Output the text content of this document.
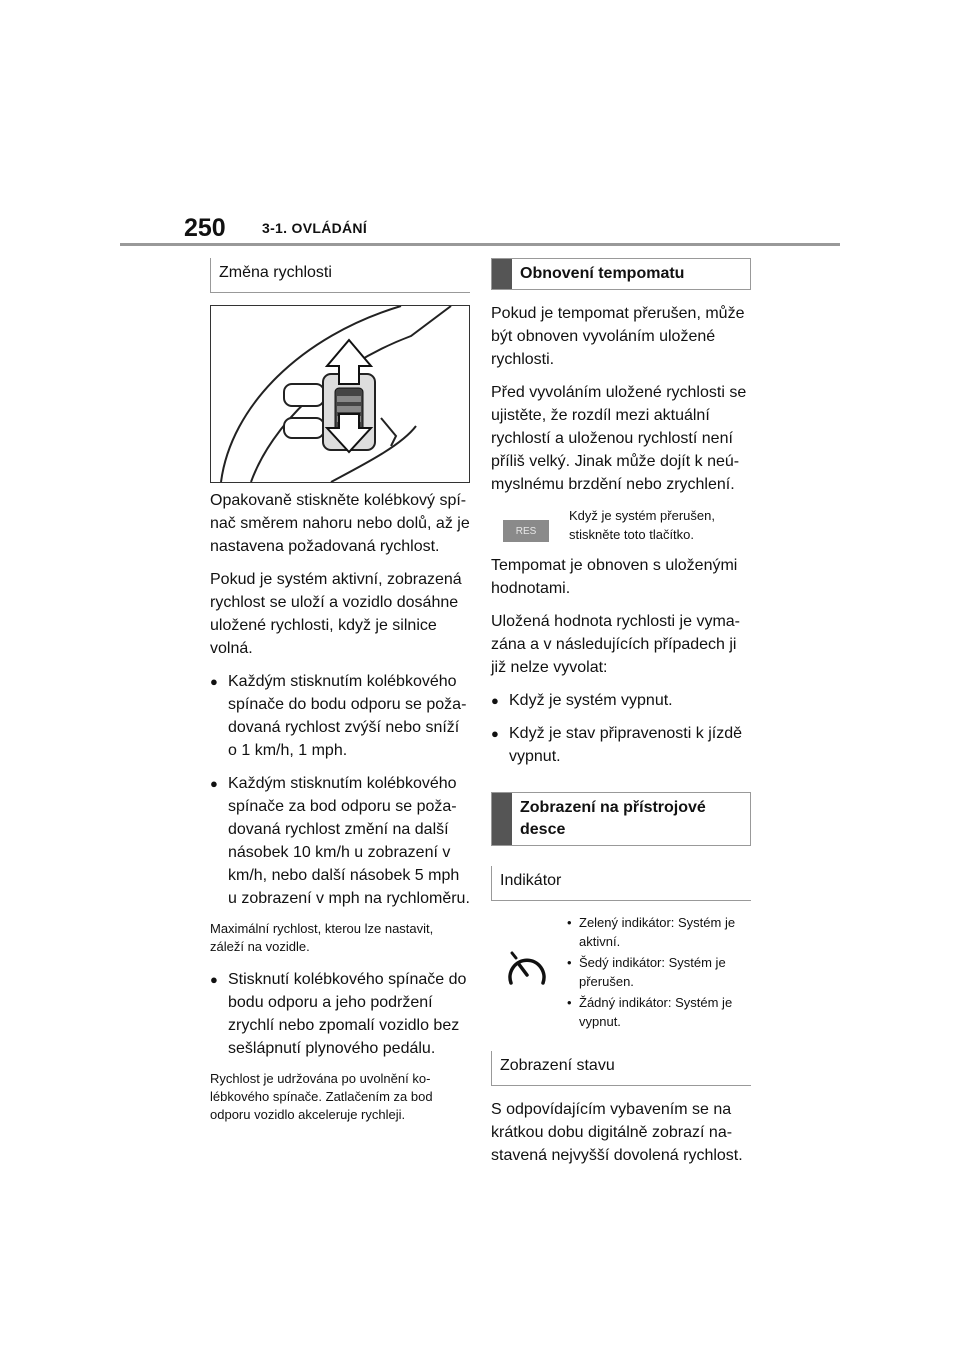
250	3-1. OVLÁDÁNÍ
Změna rychlosti

Opakovaně stiskněte kolébkový spí-nač směrem nahoru nebo dolů, až je nastavena požadovaná rychlost.

Pokud je systém aktivní, zobrazená rychlost se uloží a vozidlo dosáhne uložené rychlosti, když je silnice volná.

● Každým stisknutím kolébkového spínače do bodu odporu se poža-dovaná rychlost zvýší nebo sníží o 1 km/h, 1 mph.
● Každým stisknutím kolébkového spínače za bod odporu se poža-dovaná rychlost změní na další násobek 10 km/h u zobrazení v km/h, nebo další násobek 5 mph u zobrazení v mph na rychloměru.

Maximální rychlost, kterou lze nastavit, záleží na vozidle.

● Stisknutí kolébkového spínače do bodu odporu a jeho podržení zrychlí nebo zpomalí vozidlo bez sešlápnutí plynového pedálu.

Rychlost je udržována po uvolnění ko-lébkového spínače. Zatlačením za bod odporu vozidlo akceleruje rychleji.

Obnovení tempomatu

Pokud je tempomat přerušen, může být obnoven vyvoláním uložené rychlosti.

Před vyvoláním uložené rychlosti se ujistěte, že rozdíl mezi aktuální rychlostí a uloženou rychlostí není příliš velký. Jinak může dojít k neú-myslnému brzdění nebo zrychlení.

RES
Když je systém přerušen, stiskněte toto tlačítko.

Tempomat je obnoven s uloženými hodnotami.

Uložená hodnota rychlosti je vyma-zána a v následujících případech ji již nelze vyvolat:

● Když je systém vypnut.
● Když je stav připravenosti k jízdě vypnut.
Zobrazení na přístrojové desce
Indikátor
• Zelený indikátor: Systém je aktivní.
• Šedý indikátor: Systém je přerušen.
• Žádný indikátor: Systém je vypnut.
Zobrazení stavu

S odpovídajícím vybavením se na krátkou dobu digitálně zobrazí na-stavená nejvyšší dovolená rychlost.
